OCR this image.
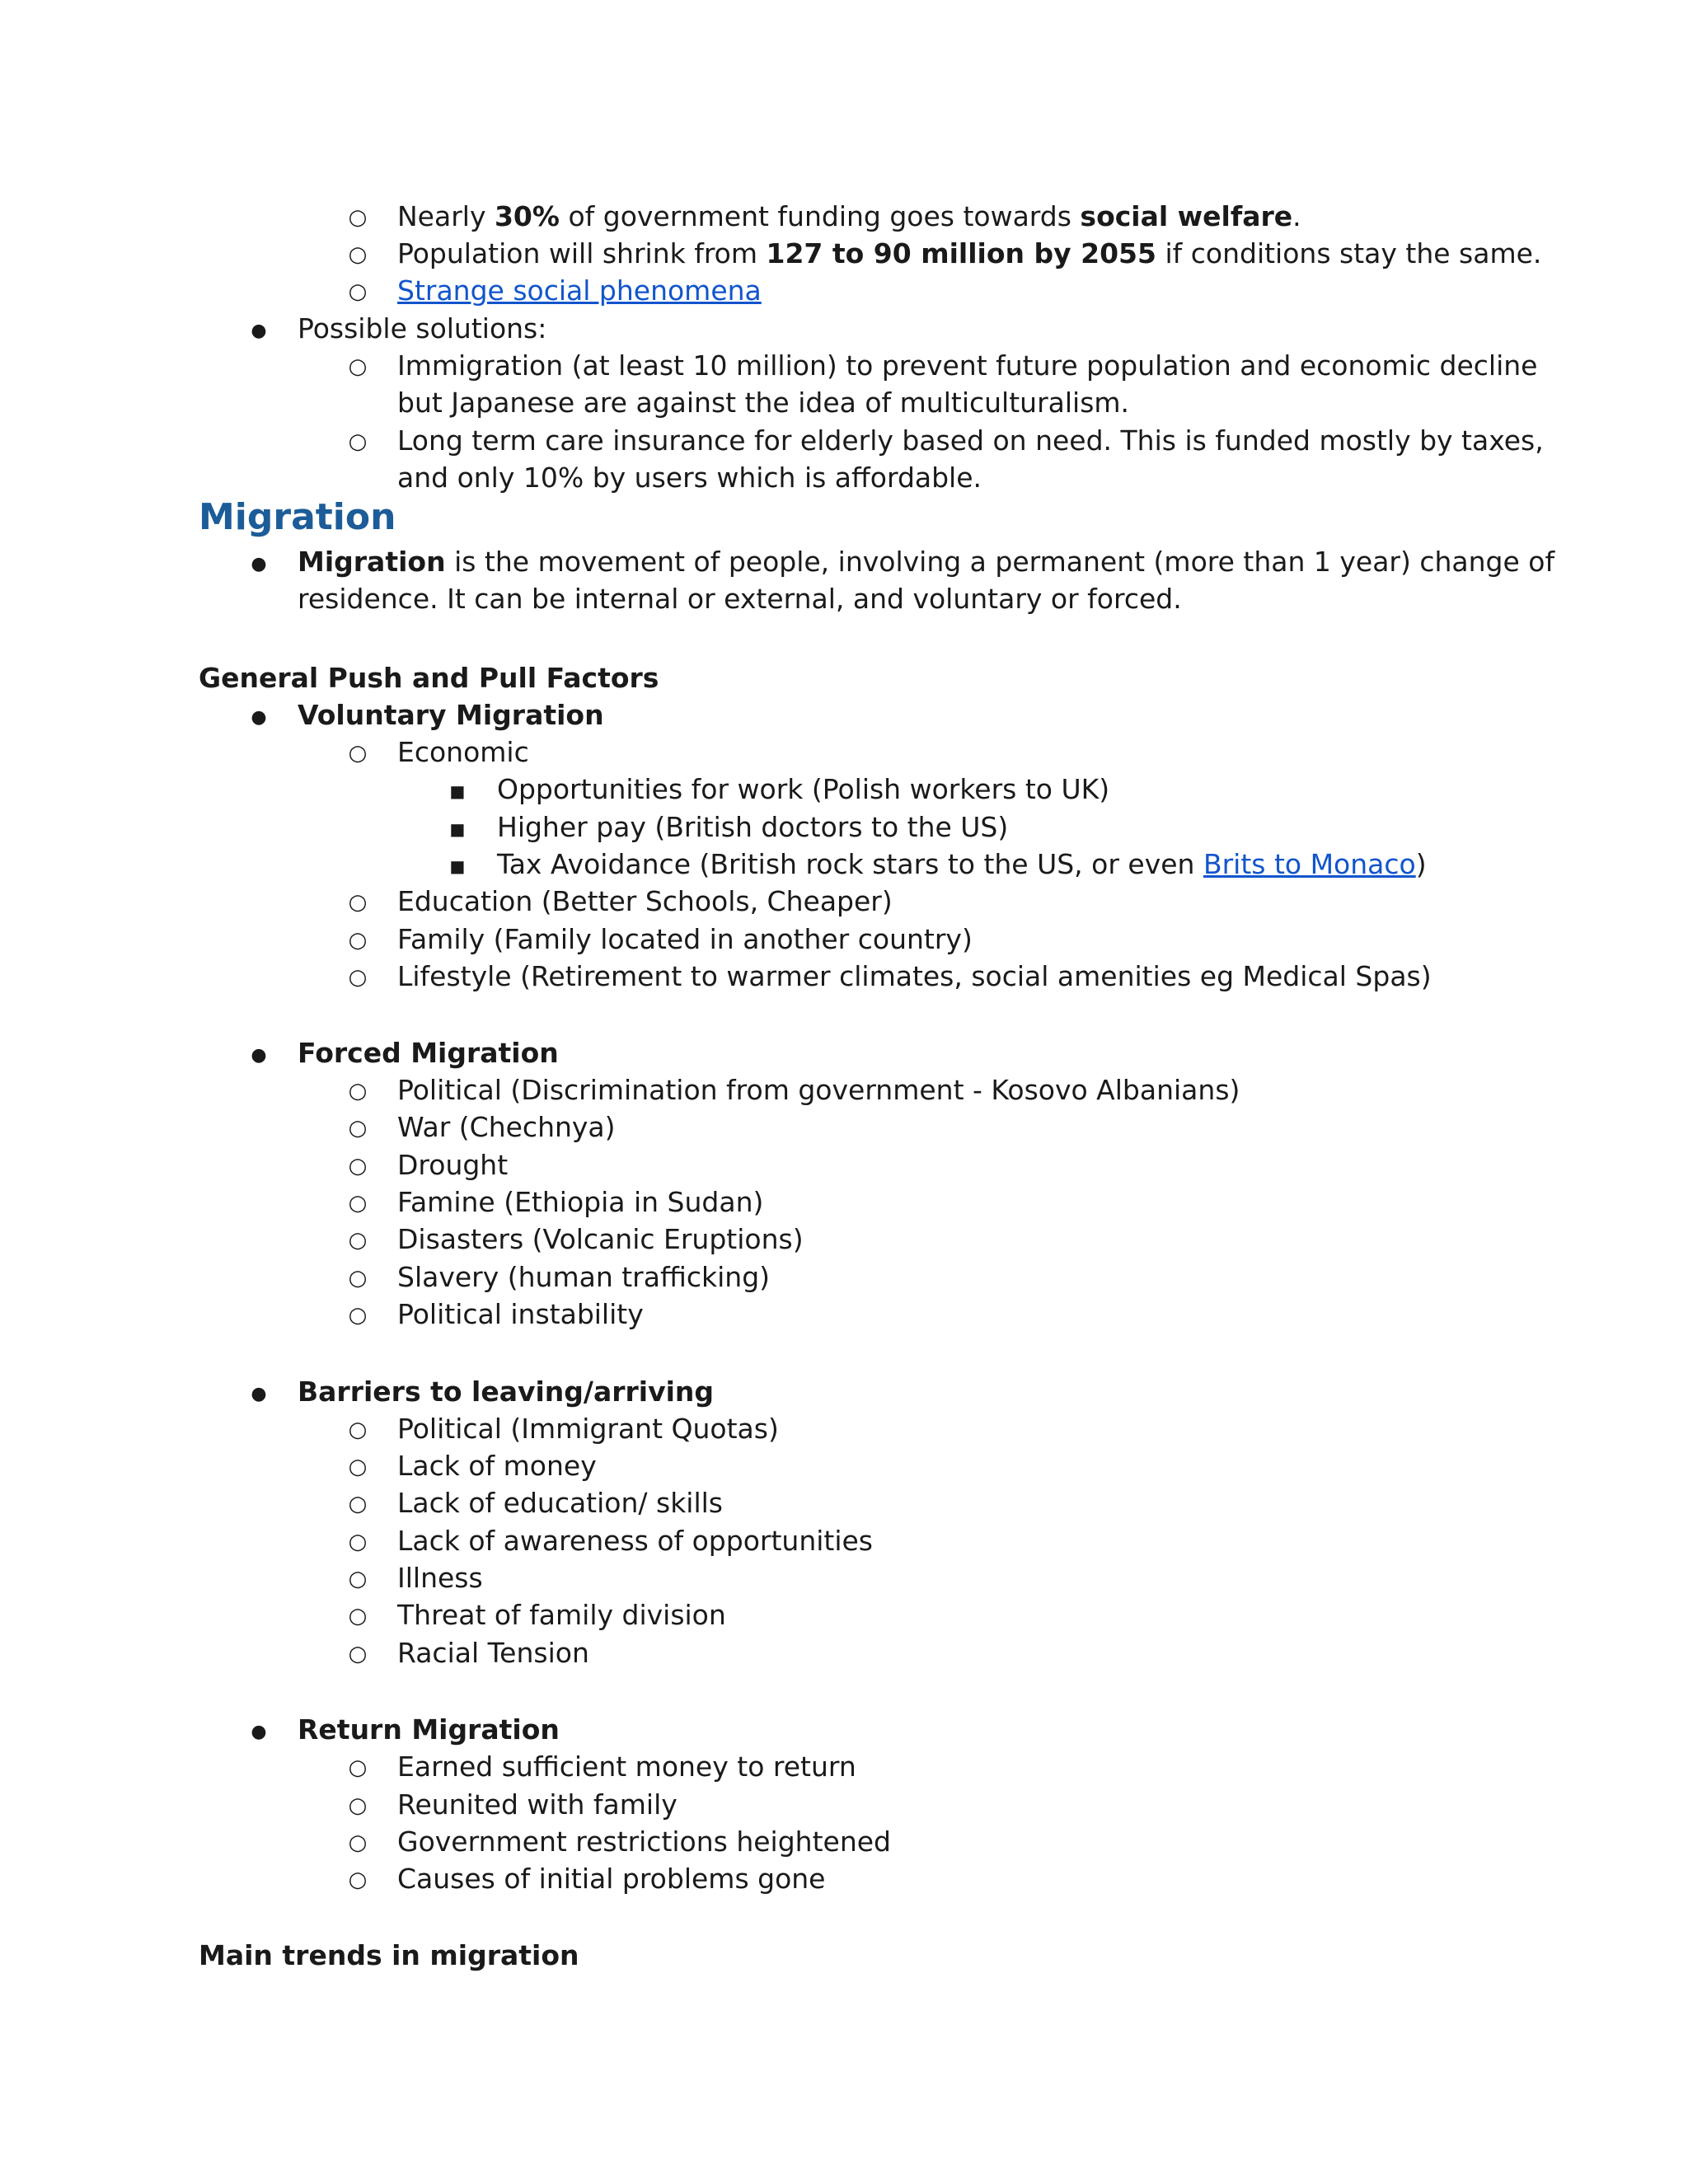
○
Nearly 30% of government funding goes towards social welfare.
○
Population will shrink from 127 to 90 million by 2055 if conditions stay the same.
○
Strange social phenomena
●
Possible solutions:
○
Immigration (at least 10 million) to prevent future population and economic decline
but Japanese are against the idea of multiculturalism.
○
Long term care insurance for elderly based on need. This is funded mostly by taxes,
and only 10% by users which is affordable.
Migration
●
Migration is the movement of people, involving a permanent (more than 1 year) change of
residence. It can be internal or external, and voluntary or forced.
General Push and Pull Factors
●
Voluntary Migration
○
Economic
■
Opportunities for work (Polish workers to UK)
■
Higher pay (British doctors to the US)
■
Tax Avoidance (British rock stars to the US, or even Brits to Monaco)
○
Education (Better Schools, Cheaper)
○
Family (Family located in another country)
○
Lifestyle (Retirement to warmer climates, social amenities eg Medical Spas)
●
Forced Migration
○
Political (Discrimination from government - Kosovo Albanians)
○
War (Chechnya)
○
Drought
○
Famine (Ethiopia in Sudan)
○
Disasters (Volcanic Eruptions)
○
Slavery (human trafficking)
○
Political instability
●
Barriers to leaving/arriving
○
Political (Immigrant Quotas)
○
Lack of money
○
Lack of education/ skills
○
Lack of awareness of opportunities
○
Illness
○
Threat of family division
○
Racial Tension
●
Return Migration
○
Earned sufficient money to return
○
Reunited with family
○
Government restrictions heightened
○
Causes of initial problems gone
Main trends in migration
